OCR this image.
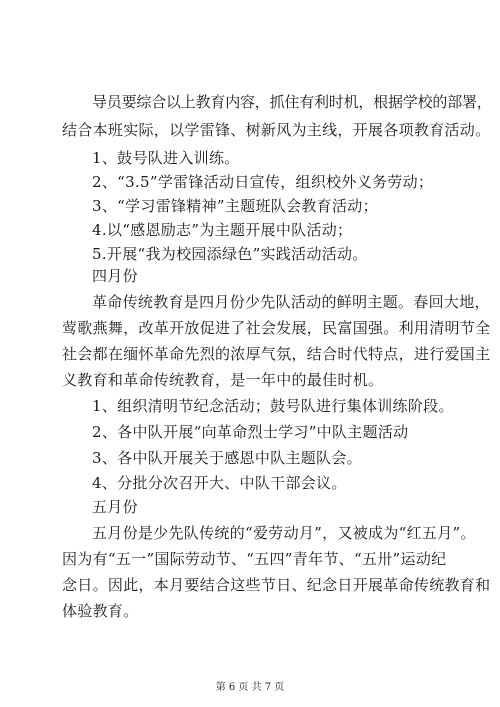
导员要综合以上教育内容，抓住有利时机，根据学校的部署，
结合本班实际，以学雷锋、树新风为主线，开展各项教育活动。
1、鼓号队进入训练。
2、“3.5”学雷锋活动日宣传，组织校外义务劳动；
3、“学习雷锋精神”主题班队会教育活动；
4.以“感恩励志”为主题开展中队活动；
5.开展“我为校园添绿色”实践活动活动。
四月份
革命传统教育是四月份少先队活动的鲜明主题。春回大地，
莺歌燕舞，改革开放促进了社会发展，民富国强。利用清明节全
社会都在缅怀革命先烈的浓厚气氛，结合时代特点，进行爱国主
义教育和革命传统教育，是一年中的最佳时机。
1、组织清明节纪念活动；鼓号队进行集体训练阶段。
2、各中队开展“向革命烈士学习”中队主题活动
3、各中队开展关于感恩中队主题队会。
4、分批分次召开大、中队干部会议。
五月份
五月份是少先队传统的“爱劳动月”，又被成为“红五月”。
因为有“五一”国际劳动节、“五四”青年节、“五卅”运动纪
念日。因此，本月要结合这些节日、纪念日开展革命传统教育和
体验教育。
第 6 页 共 7 页
